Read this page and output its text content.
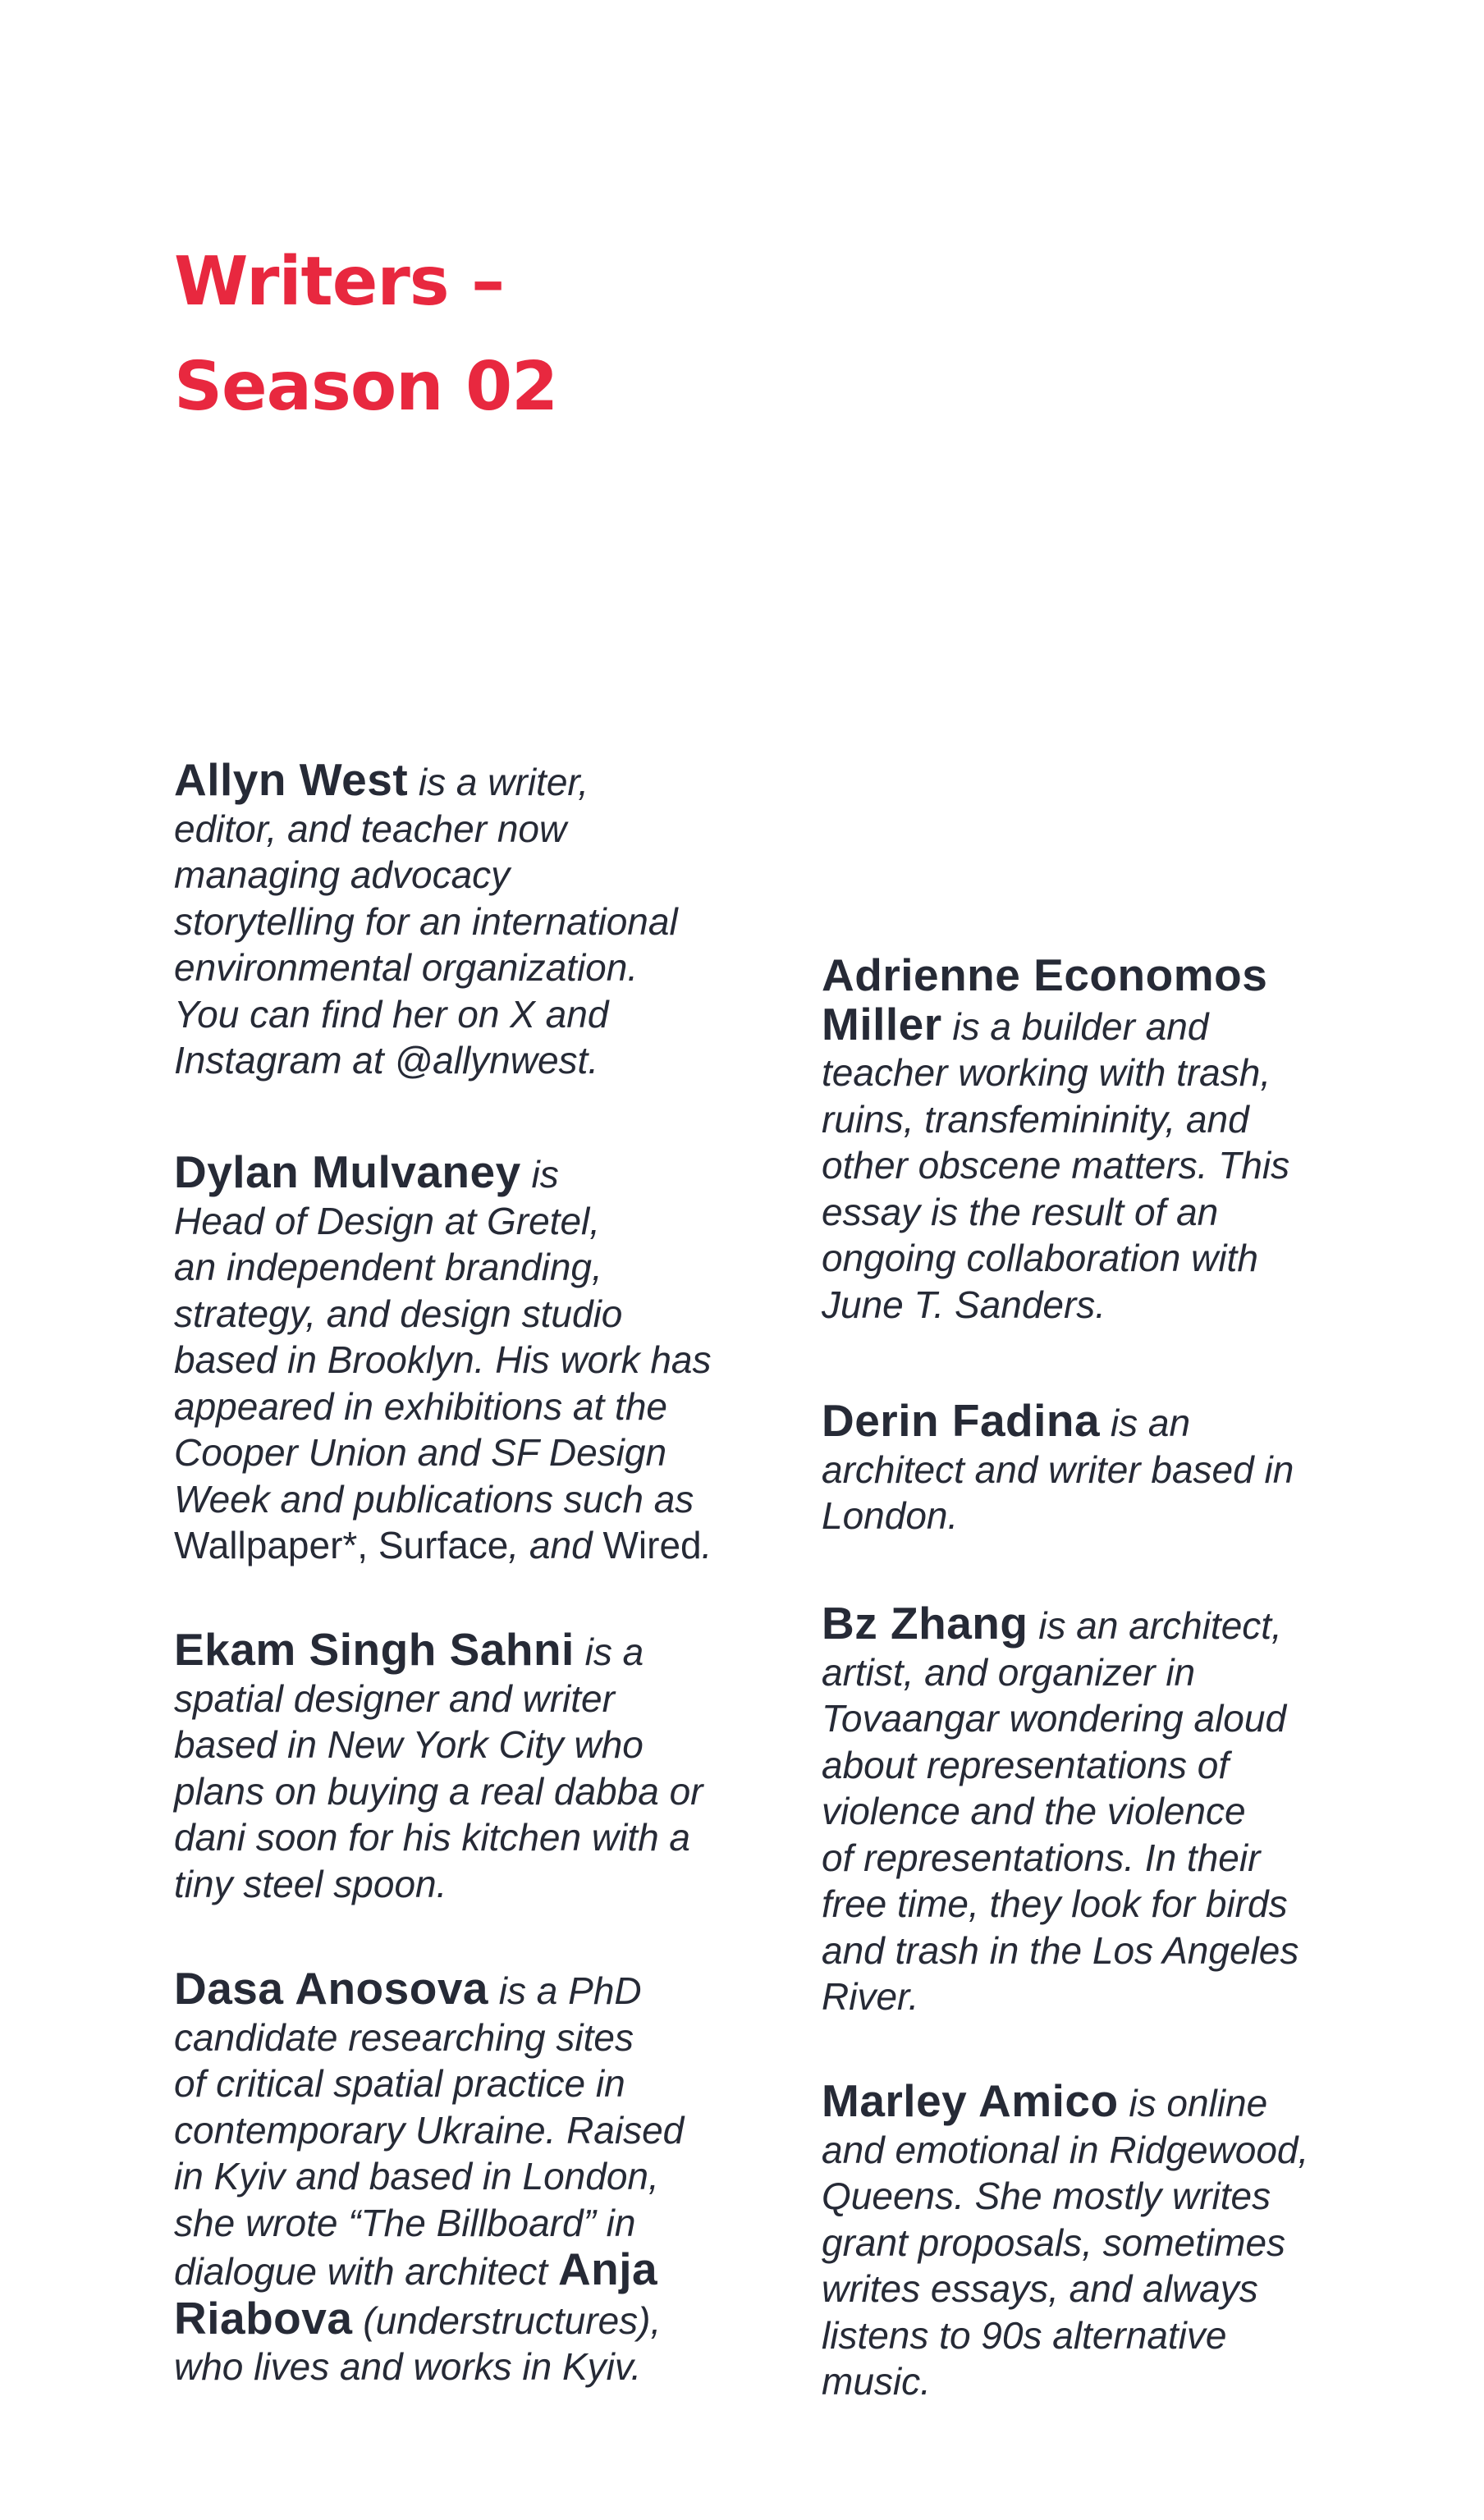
Writers –
Season 02

Allyn West is a writer,
editor, and teacher now
managing advocacy
storytelling for an international
environmental organization.
You can find her on X and
Instagram at @allynwest.

Dylan Mulvaney is
Head of Design at Gretel,
an independent branding,
strategy, and design studio
based in Brooklyn. His work has
appeared in exhibitions at the
Cooper Union and SF Design
Week and publications such as
Wallpaper*, Surface, and Wired.

Ekam Singh Sahni is a
spatial designer and writer
based in New York City who
plans on buying a real dabba or
dani soon for his kitchen with a
tiny steel spoon.

Dasa Anosova is a PhD
candidate researching sites
of critical spatial practice in
contemporary Ukraine. Raised
in Kyiv and based in London,
she wrote “The Billboard” in
dialogue with architect Anja
Riabova (understructures),
who lives and works in Kyiv.

Adrienne Economos
Miller is a builder and
teacher working with trash,
ruins, transfemininity, and
other obscene matters. This
essay is the result of an
ongoing collaboration with
June T. Sanders.

Derin Fadina is an
architect and writer based in
London.

Bz Zhang is an architect,
artist, and organizer in
Tovaangar wondering aloud
about representations of
violence and the violence
of representations. In their
free time, they look for birds
and trash in the Los Angeles
River.

Marley Amico is online
and emotional in Ridgewood,
Queens. She mostly writes
grant proposals, sometimes
writes essays, and always
listens to 90s alternative
music.
